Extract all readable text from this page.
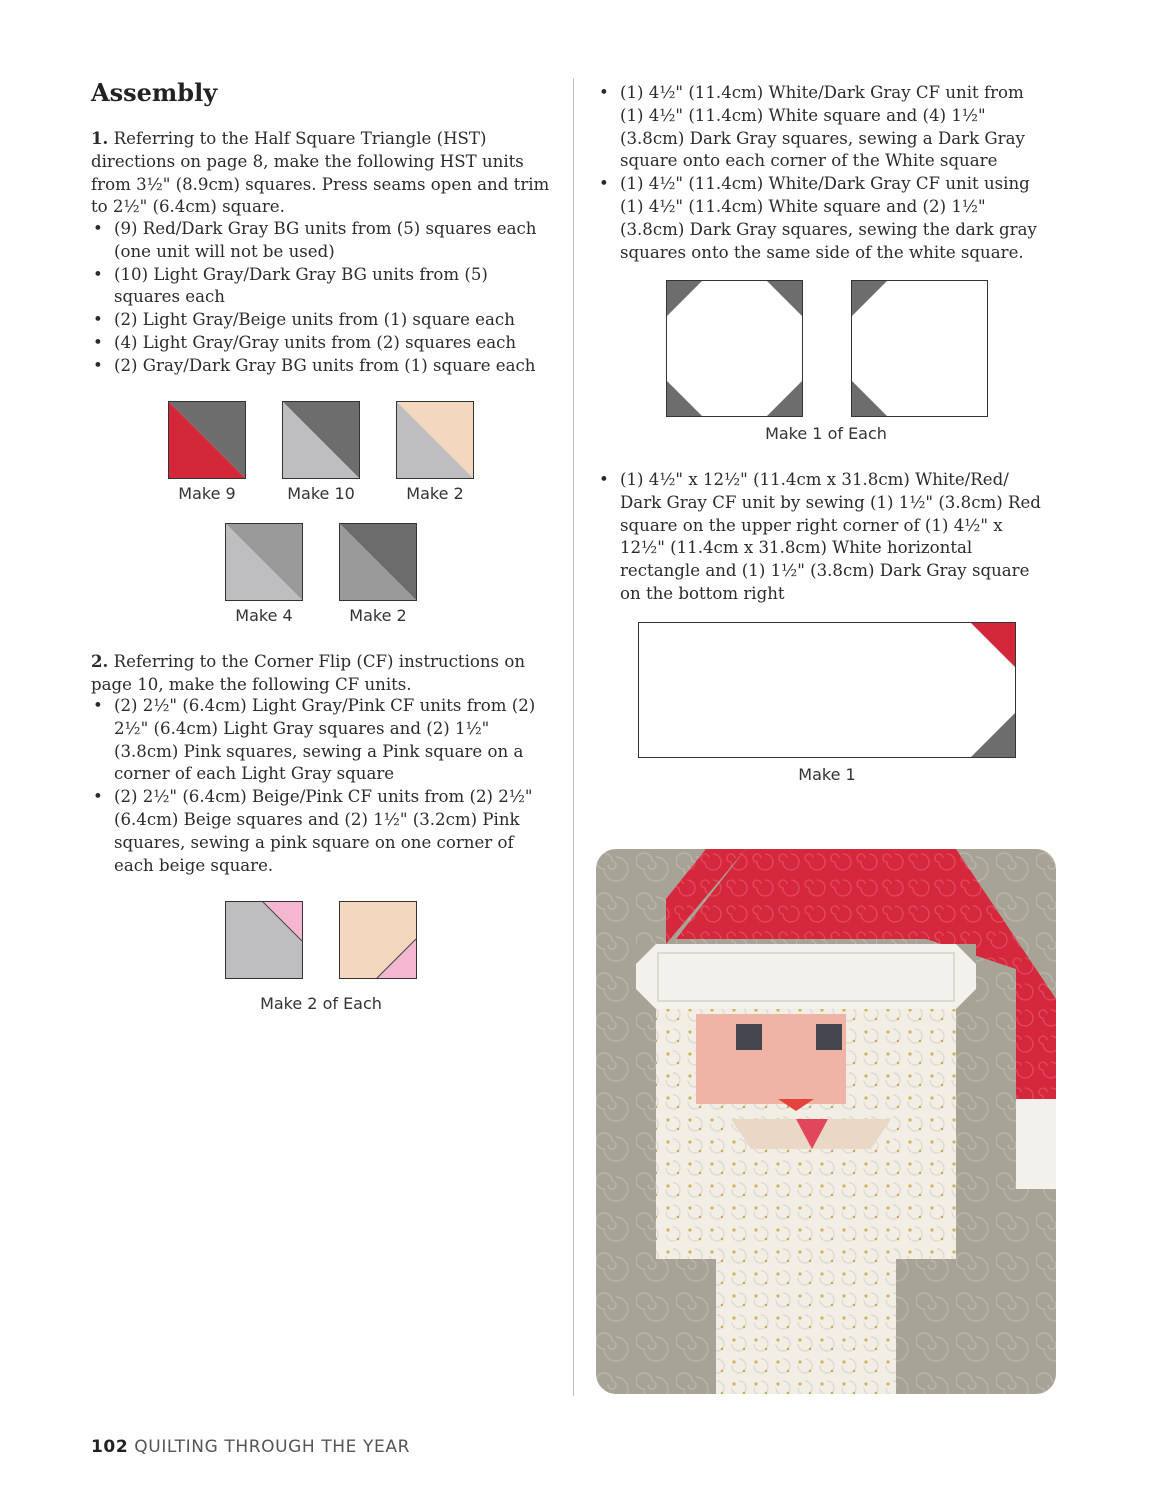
Assembly

1. Referring to the Half Square Triangle (HST) directions on page 8, make the following HST units from 3½" (8.9cm) squares. Press seams open and trim to 2½" (6.4cm) square.

• (9) Red/Dark Gray BG units from (5) squares each (one unit will not be used)
• (10) Light Gray/Dark Gray BG units from (5) squares each
• (2) Light Gray/Beige units from (1) square each
• (4) Light Gray/Gray units from (2) squares each
• (2) Gray/Dark Gray BG units from (1) square each
Make 9	Make 10	Make 2
Make 4	Make 2

2. Referring to the Corner Flip (CF) instructions on page 10, make the following CF units.

• (2) 2½" (6.4cm) Light Gray/Pink CF units from (2) 2½" (6.4cm) Light Gray squares and (2) 1½" (3.8cm) Pink squares, sewing a Pink square on a corner of each Light Gray square
• (2) 2½" (6.4cm) Beige/Pink CF units from (2) 2½" (6.4cm) Beige squares and (2) 1½" (3.2cm) Pink squares, sewing a pink square on one corner of each beige square.
Make 2 of Each
• (1) 4½" (11.4cm) White/Dark Gray CF unit from (1) 4½" (11.4cm) White square and (4) 1½" (3.8cm) Dark Gray squares, sewing a Dark Gray square onto each corner of the White square
• (1) 4½" (11.4cm) White/Dark Gray CF unit using (1) 4½" (11.4cm) White square and (2) 1½" (3.8cm) Dark Gray squares, sewing the dark gray squares onto the same side of the white square.
Make 1 of Each
• (1) 4½" x 12½" (11.4cm x 31.8cm) White/Red/ Dark Gray CF unit by sewing (1) 1½" (3.8cm) Red square on the upper right corner of (1) 4½" x 12½" (11.4cm x 31.8cm) White horizontal rectangle and (1) 1½" (3.8cm) Dark Gray square on the bottom right
Make 1

102 QUILTING THROUGH THE YEAR
